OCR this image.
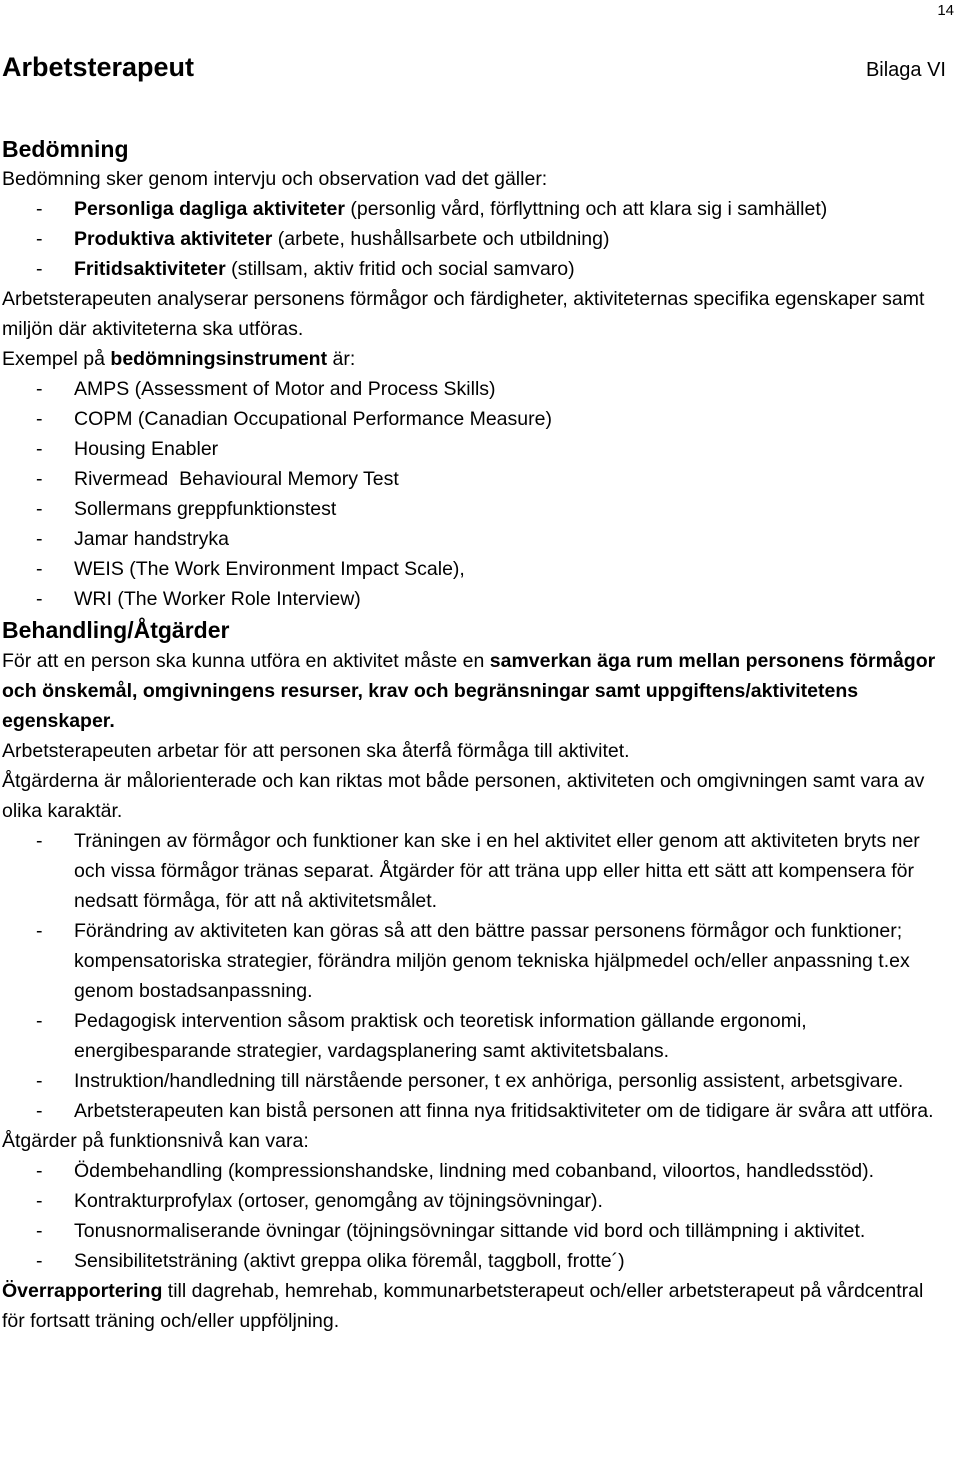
14
Arbetsterapeut	Bilaga VI
Bedömning
Bedömning sker genom intervju och observation vad det gäller:
-	Personliga dagliga aktiviteter (personlig vård, förflyttning och att klara sig i samhället)
-	Produktiva aktiviteter (arbete, hushållsarbete och utbildning)
-	Fritidsaktiviteter (stillsam, aktiv fritid och social samvaro)
Arbetsterapeuten analyserar personens förmågor och färdigheter, aktiviteternas specifika egenskaper samt miljön där aktiviteterna ska utföras.
Exempel på bedömningsinstrument är:
-	AMPS (Assessment of Motor and Process Skills)
-	COPM (Canadian Occupational Performance Measure)
-	Housing Enabler
-	Rivermead  Behavioural Memory Test
-	Sollermans greppfunktionstest
-	Jamar handstryka
-	WEIS (The Work Environment Impact Scale),
-	WRI (The Worker Role Interview)
Behandling/Åtgärder
För att en person ska kunna utföra en aktivitet måste en samverkan äga rum mellan personens förmågor och önskemål, omgivningens resurser, krav och begränsningar samt uppgiftens/aktivitetens egenskaper.
Arbetsterapeuten arbetar för att personen ska återfå förmåga till aktivitet.
Åtgärderna är målorienterade och kan riktas mot både personen, aktiviteten och omgivningen samt vara av olika karaktär.
-	Träningen av förmågor och funktioner kan ske i en hel aktivitet eller genom att aktiviteten bryts ner och vissa förmågor tränas separat. Åtgärder för att träna upp eller hitta ett sätt att kompensera för nedsatt förmåga, för att nå aktivitetsmålet.
-	Förändring av aktiviteten kan göras så att den bättre passar personens förmågor och funktioner; kompensatoriska strategier, förändra miljön genom tekniska hjälpmedel och/eller anpassning t.ex genom bostadsanpassning.
-	Pedagogisk intervention såsom praktisk och teoretisk information gällande ergonomi, energibesparande strategier, vardagsplanering samt aktivitetsbalans.
-	Instruktion/handledning till närstående personer, t ex anhöriga, personlig assistent, arbetsgivare.
-	Arbetsterapeuten kan bistå personen att finna nya fritidsaktiviteter om de tidigare är svåra att utföra.
Åtgärder på funktionsnivå kan vara:
-	Ödembehandling (kompressionshandske, lindning med cobanband, viloortos, handledsstöd).
-	Kontrakturprofylax (ortoser, genomgång av töjningsövningar).
-	Tonusnormaliserande övningar (töjningsövningar sittande vid bord och tillämpning i aktivitet.
-	Sensibilitetsträning (aktivt greppa olika föremål, taggboll, frotte´)
Överrapportering till dagrehab, hemrehab, kommunarbetsterapeut och/eller arbetsterapeut på vårdcentral för fortsatt träning och/eller uppföljning.
